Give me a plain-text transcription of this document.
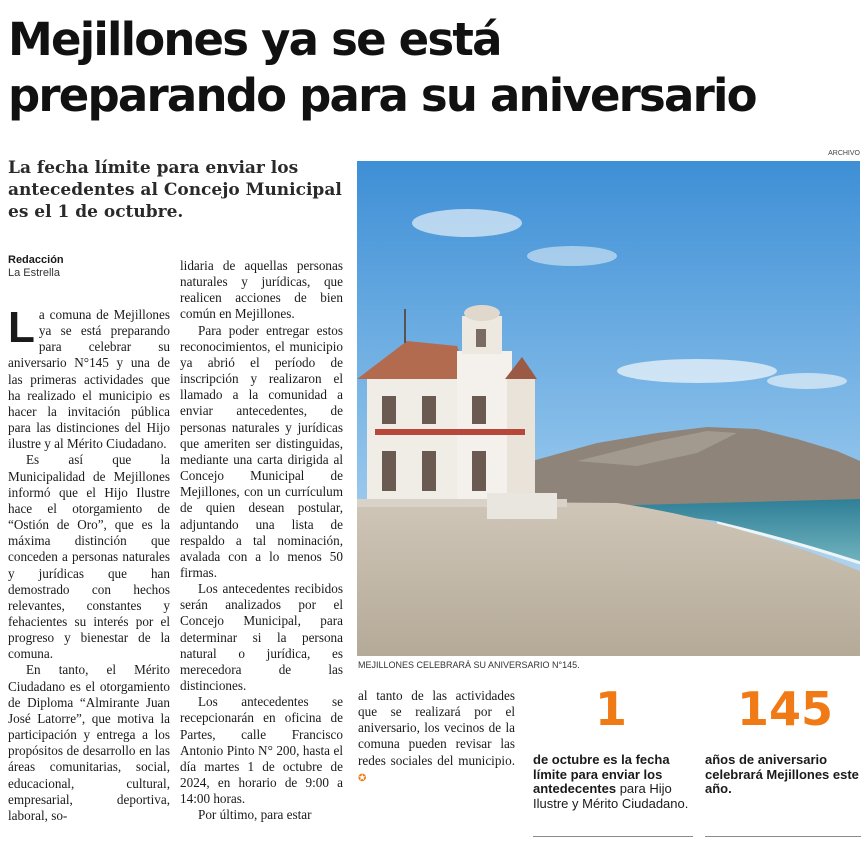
Mejillones ya se está
preparando para su aniversario
La fecha límite para enviar los antecedentes al Concejo Municipal es el 1 de octubre.
Redacción
La Estrella

La comuna de Mejillones ya se está preparando para celebrar su aniversario N°145 y una de las primeras actividades que ha realizado el municipio es hacer la invitación pública para las distinciones del Hijo ilustre y al Mérito Ciudadano.

Es así que la Municipalidad de Mejillones informó que el Hijo Ilustre hace el otorgamiento de “Ostión de Oro”, que es la máxima distinción que conceden a personas naturales y jurídicas que han demostrado con hechos relevantes, constantes y fehacientes su interés por el progreso y bienestar de la comuna.

En tanto, el Mérito Ciudadano es el otorgamiento de Diploma “Almirante Juan José Latorre”, que motiva la participación y entrega a los propósitos de desarrollo en las áreas comunitarias, social, educacional, cultural, empresarial, deportiva, laboral, so-

lidaria de aquellas personas naturales y jurídicas, que realicen acciones de bien común en Mejillones.

Para poder entregar estos reconocimientos, el municipio ya abrió el período de inscripción y realizaron el llamado a la comunidad a enviar antecedentes, de personas naturales y jurídicas que ameriten ser distinguidas, mediante una carta dirigida al Concejo Municipal de Mejillones, con un currículum de quien desean postular, adjuntando una lista de respaldo a tal nominación, avalada con a lo menos 50 firmas.

Los antecedentes recibidos serán analizados por el Concejo Municipal, para determinar si la persona natural o jurídica, es merecedora de las distinciones.

Los antecedentes se recepcionarán en oficina de Partes, calle Francisco Antonio Pinto N° 200, hasta el día martes 1 de octubre de 2024, en horario de 9:00 a 14:00 horas.

Por último, para estar

ARCHIVO
MEJILLONES CELEBRARÁ SU ANIVERSARIO N°145.

al tanto de las actividades que se realizará por el aniversario, los vecinos de la comuna pueden revisar las redes sociales del municipio. ✪

1
de octubre es la fecha límite para enviar los antedecentes para Hijo Ilustre y Mérito Ciudadano.
145
años de aniversario celebrará Mejillones este año.
